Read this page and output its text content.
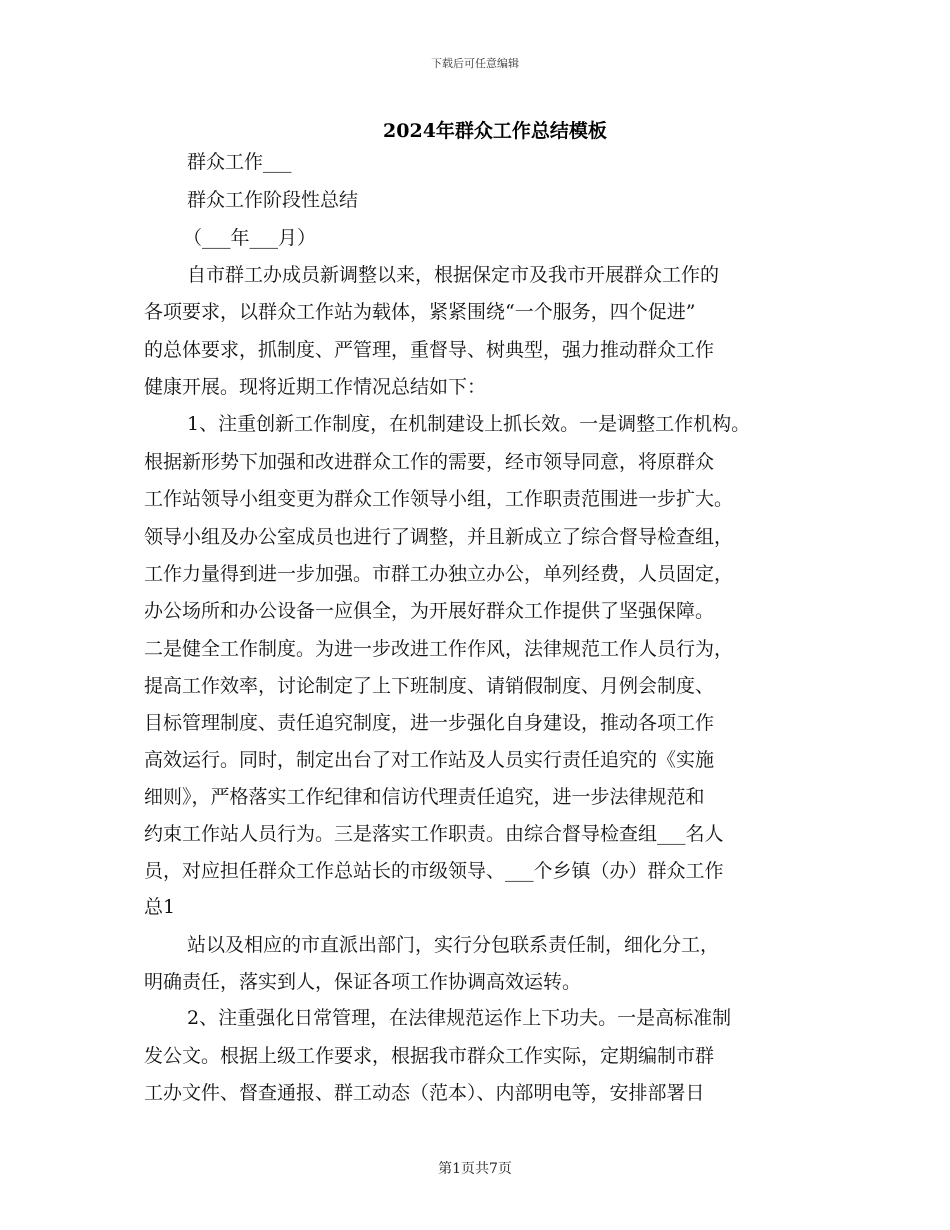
下载后可任意编辑
2024年群众工作总结模板
群众工作___
群众工作阶段性总结
（___年___月）
自市群工办成员新调整以来，根据保定市及我市开展群众工作的
各项要求，以群众工作站为载体，紧紧围绕“一个服务，四个促进”
的总体要求，抓制度、严管理，重督导、树典型，强力推动群众工作
健康开展。现将近期工作情况总结如下：
1、注重创新工作制度，在机制建设上抓长效。一是调整工作机构。
根据新形势下加强和改进群众工作的需要，经市领导同意，将原群众
工作站领导小组变更为群众工作领导小组，工作职责范围进一步扩大。
领导小组及办公室成员也进行了调整，并且新成立了综合督导检查组，
工作力量得到进一步加强。市群工办独立办公，单列经费，人员固定，
办公场所和办公设备一应俱全，为开展好群众工作提供了坚强保障。
二是健全工作制度。为进一步改进工作作风，法律规范工作人员行为，
提高工作效率，讨论制定了上下班制度、请销假制度、月例会制度、
目标管理制度、责任追究制度，进一步强化自身建设，推动各项工作
高效运行。同时，制定出台了对工作站及人员实行责任追究的《实施
细则》，严格落实工作纪律和信访代理责任追究，进一步法律规范和
约束工作站人员行为。三是落实工作职责。由综合督导检查组___名人
员，对应担任群众工作总站长的市级领导、___个乡镇（办）群众工作
总1
站以及相应的市直派出部门，实行分包联系责任制，细化分工，
明确责任，落实到人，保证各项工作协调高效运转。
2、注重强化日常管理，在法律规范运作上下功夫。一是高标准制
发公文。根据上级工作要求，根据我市群众工作实际，定期编制市群
工办文件、督查通报、群工动态（范本）、内部明电等，安排部署日
第1页共7页
